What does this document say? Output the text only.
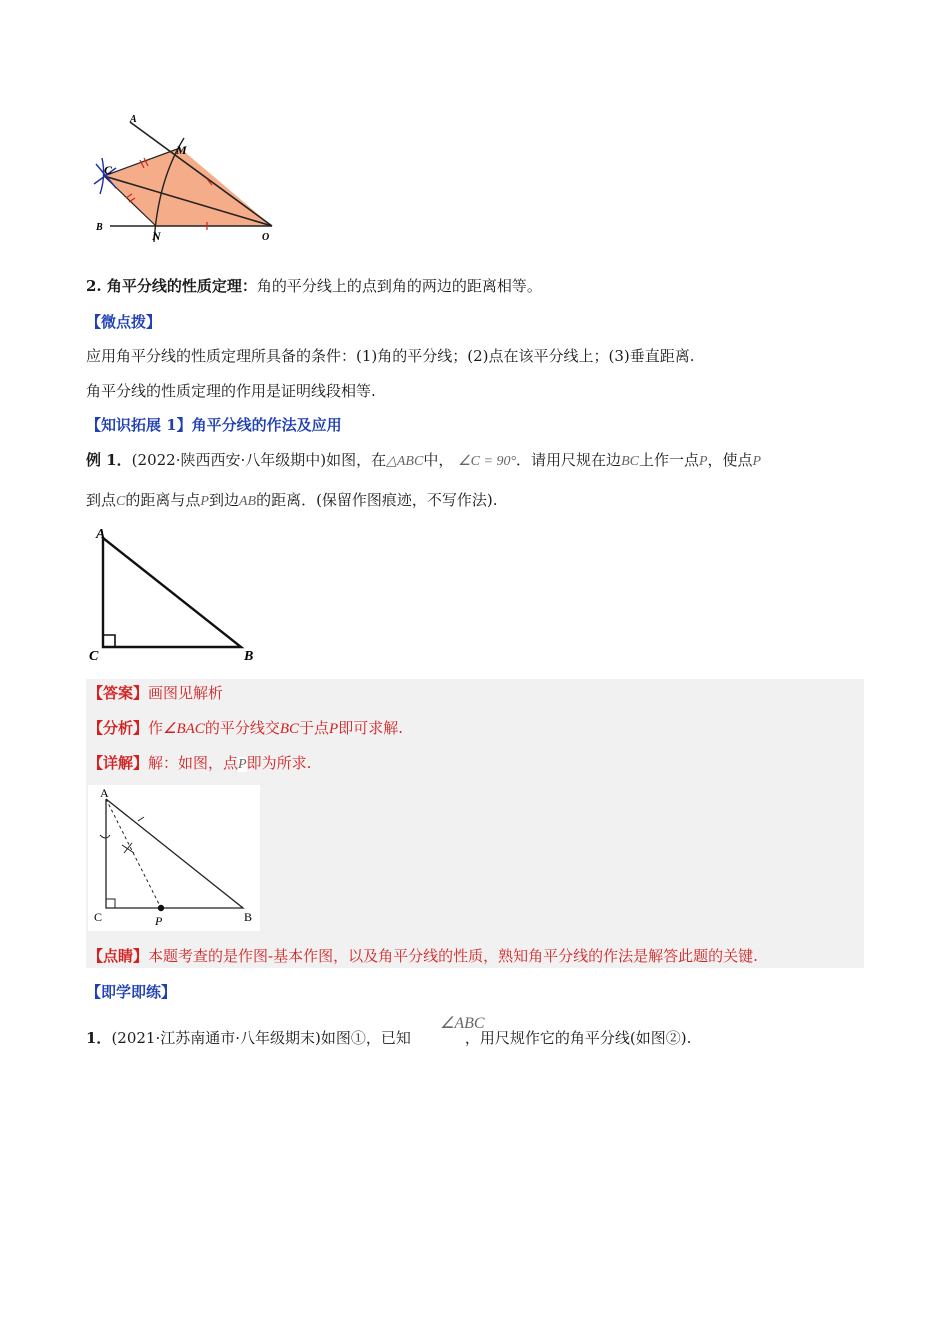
A
M
C
B
N	O
2. 角平分线的性质定理：角的平分线上的点到角的两边的距离相等。
【微点拨】
应用角平分线的性质定理所具备的条件：(1)角的平分线；(2)点在该平分线上；(3)垂直距离.
角平分线的性质定理的作用是证明线段相等.
【知识拓展 1】角平分线的作法及应用
例 1．(2022·陕西西安·八年级期中)如图，在△ABC中， ∠C = 90°．请用尺规在边BC上作一点P，使点P
到点C的距离与点P到边AB的距离．(保留作图痕迹，不写作法).
A
C	B
【答案】画图见解析
【分析】作∠BAC的平分线交BC于点P即可求解.
【详解】解：如图，点P即为所求.
A
C	P	B
【点睛】本题考查的是作图-基本作图，以及角平分线的性质，熟知角平分线的作法是解答此题的关键.
【即学即练】
∠ABC
1．(2021·江苏南通市·八年级期末)如图①，已知	，用尺规作它的角平分线(如图②).
